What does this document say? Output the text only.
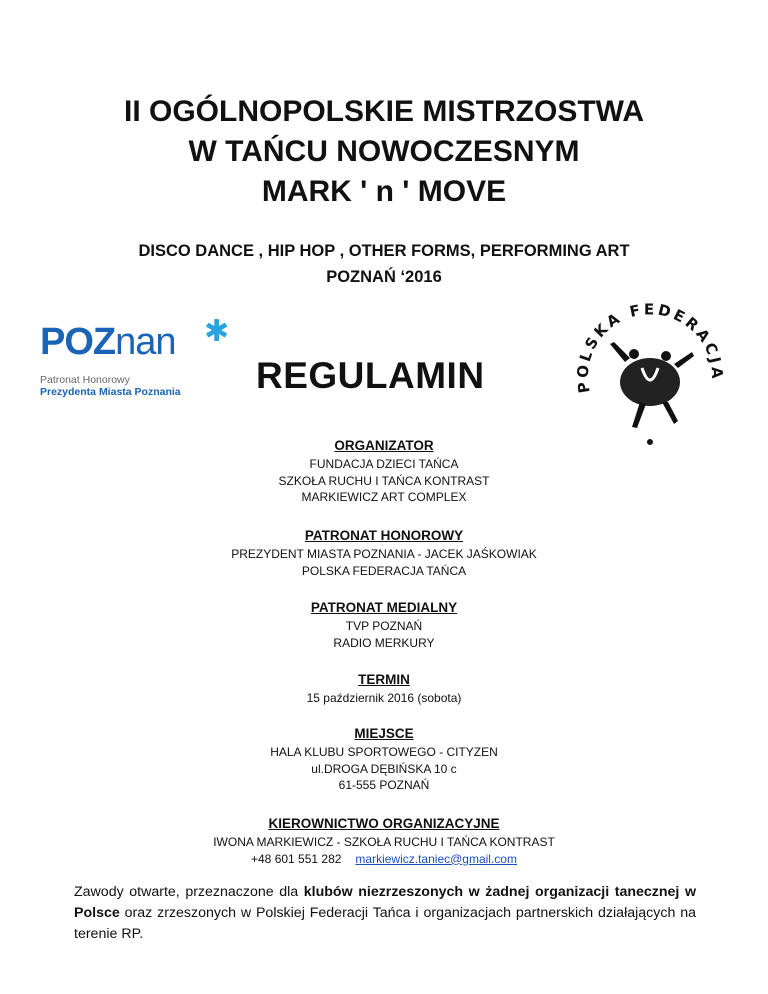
II OGÓLNOPOLSKIE MISTRZOSTWA
W TAŃCU NOWOCZESNYM
MARK ' n ' MOVE
DISCO DANCE , HIP HOP , OTHER FORMS, PERFORMING ART
POZNAŃ ‘2016
POZnan ✱
Patronat Honorowy
Prezydenta Miasta Poznania REGULAMIN	POLSKA FEDERACJA
ORGANIZATOR
FUNDACJA DZIECI TAŃCA
SZKOŁA RUCHU I TAŃCA KONTRAST
MARKIEWICZ ART COMPLEX
PATRONAT HONOROWY
PREZYDENT MIASTA POZNANIA - JACEK JAŚKOWIAK
POLSKA FEDERACJA TAŃCA
PATRONAT MEDIALNY
TVP POZNAŃ
RADIO MERKURY
TERMIN
15 październik 2016 (sobota)
MIEJSCE
HALA KLUBU SPORTOWEGO - CITYZEN
ul.DROGA DĘBIŃSKA 10 c
61-555 POZNAŃ
KIEROWNICTWO ORGANIZACYJNE
IWONA MARKIEWICZ - SZKOŁA RUCHU I TAŃCA KONTRAST
+48 601 551 282 markiewicz.taniec@gmail.com
Zawody otwarte, przeznaczone dla klubów niezrzeszonych w żadnej organizacji tanecznej w Polsce oraz zrzeszonych w Polskiej Federacji Tańca i organizacjach partnerskich działających na terenie RP.
